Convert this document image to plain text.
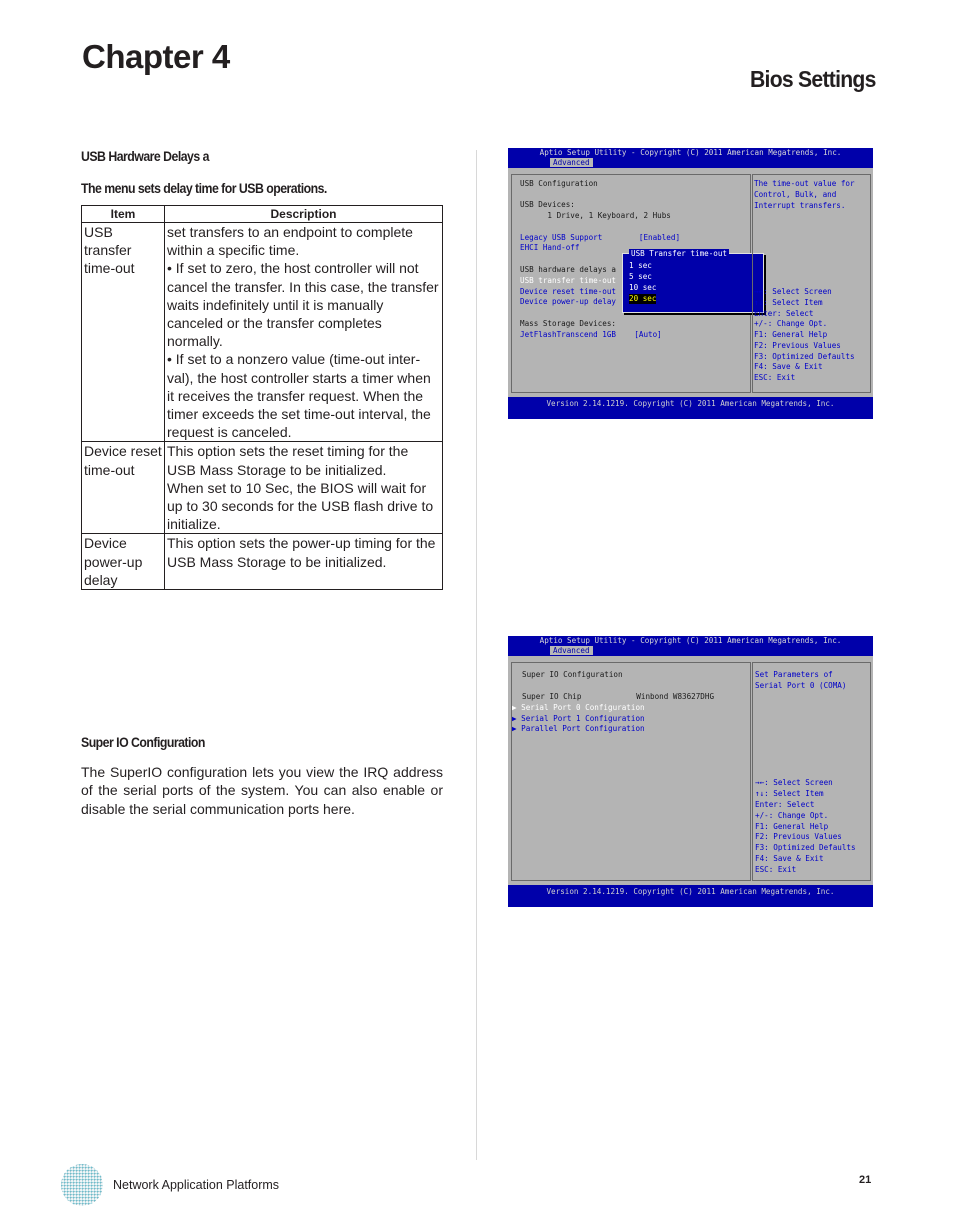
Chapter 4
Bios Settings
USB Hardware Delays a
The menu sets delay time for USB operations.
Item	Description
USB transfer time-out	set transfers to an endpoint to complete within a specific time.
• If set to zero, the host controller will not cancel the transfer. In this case, the transfer waits indefinitely until it is manually canceled or the transfer completes normally.
• If set to a nonzero value (time-out inter-val), the host controller starts a timer when it receives the transfer request. When the timer exceeds the set time-out interval, the request is canceled.

Device reset time-out	This option sets the reset timing for the USB Mass Storage to be initialized.
When set to 10 Sec, the BIOS will wait for up to 30 seconds for the USB flash drive to initialize.

Device power-up delay	This option sets the power-up timing for the USB Mass Storage to be initialized.
Super IO Configuration
The SuperIO configuration lets you view the IRQ address of the serial ports of the system. You can also enable or disable the serial communication ports here.
Aptio Setup Utility - Copyright (C) 2011 American Megatrends, Inc.
Advanced
USB Configuration
USB Devices:
1 Drive, 1 Keyboard, 2 Hubs
Legacy USB Support        [Enabled]
EHCI Hand-off
USB hardware delays a
USB transfer time-out
Device reset time-out
Device power-up delay
Mass Storage Devices:
JetFlashTranscend 1GB    [Auto]
USB Transfer time-out
1 sec
5 sec
10 sec
20 sec
The time-out value for
Control, Bulk, and
Interrupt transfers.
→←: Select Screen
↑↓: Select Item
Enter: Select
+/-: Change Opt.
F1: General Help
F2: Previous Values
F3: Optimized Defaults
F4: Save & Exit
ESC: Exit
Version 2.14.1219. Copyright (C) 2011 American Megatrends, Inc.
Aptio Setup Utility - Copyright (C) 2011 American Megatrends, Inc.
Advanced
Super IO Configuration
Super IO Chip            Winbond W83627DHG
▶ Serial Port 0 Configuration
▶ Serial Port 1 Configuration
▶ Parallel Port Configuration
Set Parameters of
Serial Port 0 (COMA)
→←: Select Screen
↑↓: Select Item
Enter: Select
+/-: Change Opt.
F1: General Help
F2: Previous Values
F3: Optimized Defaults
F4: Save & Exit
ESC: Exit
Version 2.14.1219. Copyright (C) 2011 American Megatrends, Inc.
Network Application Platforms	21
